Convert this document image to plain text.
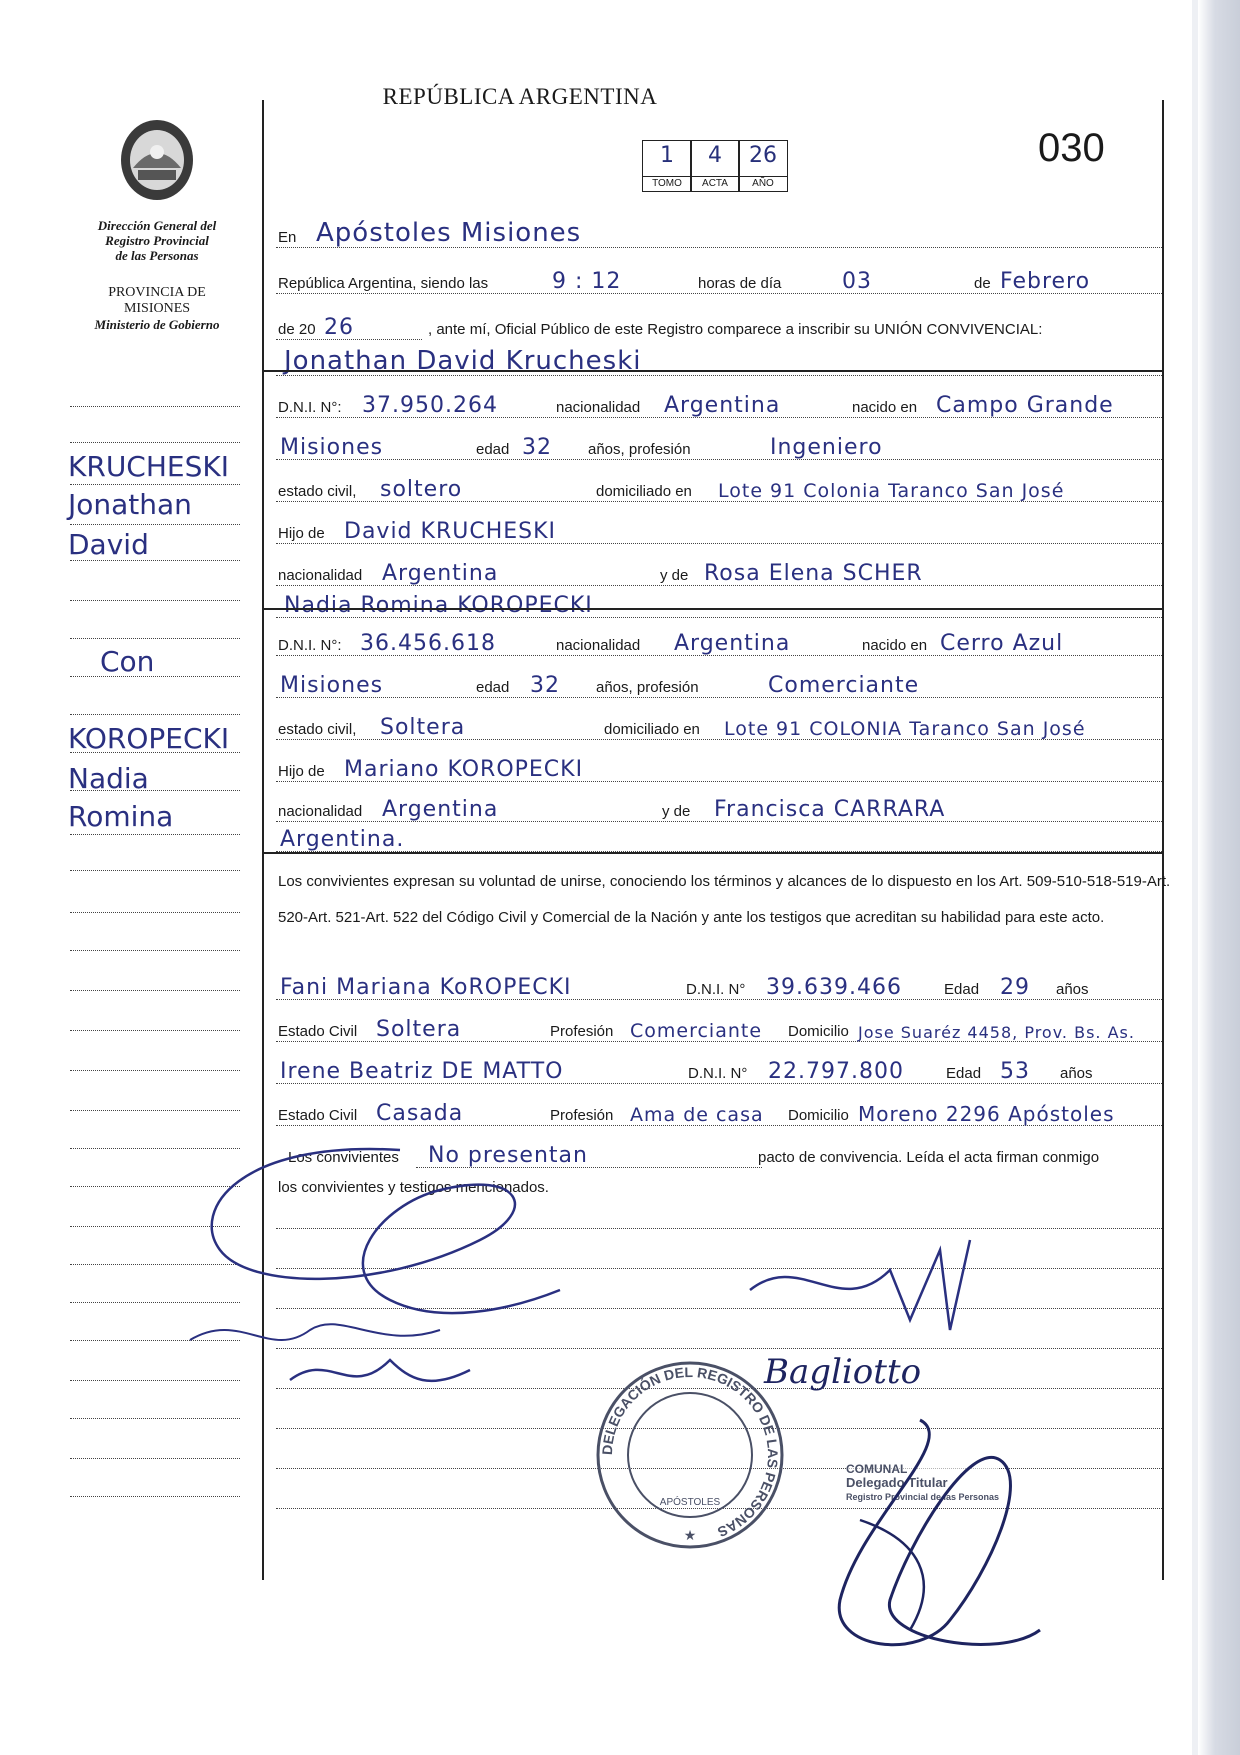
REPÚBLICA ARGENTINA
030
1
TOMO
4
ACTA
26
AÑO
Dirección General del
Registro Provincial
de las Personas
PROVINCIA DE
MISIONES
Ministerio de Gobierno
KRUCHESKI
Jonathan
David
Con
KOROPECKI
Nadia
Romina
En Apóstoles Misiones
República Argentina, siendo las	9 : 12	horas de día	03	de Febrero
de 20 26	, ante mí, Oficial Público de este Registro comparece a inscribir su UNIÓN CONVIVENCIAL:
Jonathan David Krucheski
D.N.I. N°: 37.950.264	nacionalidad Argentina	nacido en Campo Grande
Misiones	edad 32 años, profesión	Ingeniero
estado civil, soltero	domiciliado en Lote 91 Colonia Taranco San José
Hijo de David KRUCHESKI
nacionalidad Argentina	y de Rosa Elena SCHER
Nadia Romina KOROPECKI
D.N.I. N°: 36.456.618	nacionalidad Argentina	nacido en Cerro Azul
Misiones	edad 32 años, profesión	Comerciante
estado civil, Soltera	domiciliado en Lote 91 COLONIA Taranco San José
Hijo de Mariano KOROPECKI
nacionalidad Argentina	y de Francisca CARRARA
Argentina.
Los convivientes expresan su voluntad de unirse, conociendo los términos y alcances de lo dispuesto en los Art. 509-510-518-519-Art. 520-Art. 521-Art. 522 del Código Civil y Comercial de la Nación y ante los testigos que acreditan su habilidad para este acto.
Fani Mariana KoROPECKI	D.N.I. N° 39.639.466	Edad 29 años
Estado Civil Soltera	Profesión Comerciante Domicilio Jose Suaréz 4458, Prov. Bs. As.
Irene Beatriz DE MATTO	D.N.I. N° 22.797.800	Edad 53 años
Estado Civil Casada	Profesión Ama de casa Domicilio Moreno 2296 Apóstoles
Los convivientes No presentan	pacto de convivencia. Leída el acta firman conmigo
los convivientes y testigos mencionados.
DELEGACIÓN DEL REGISTRO DE LAS PERSONAS
APÓSTOLES
★
COMUNAL
Delegado Titular
Registro Provincial de las Personas
Bagliotto
